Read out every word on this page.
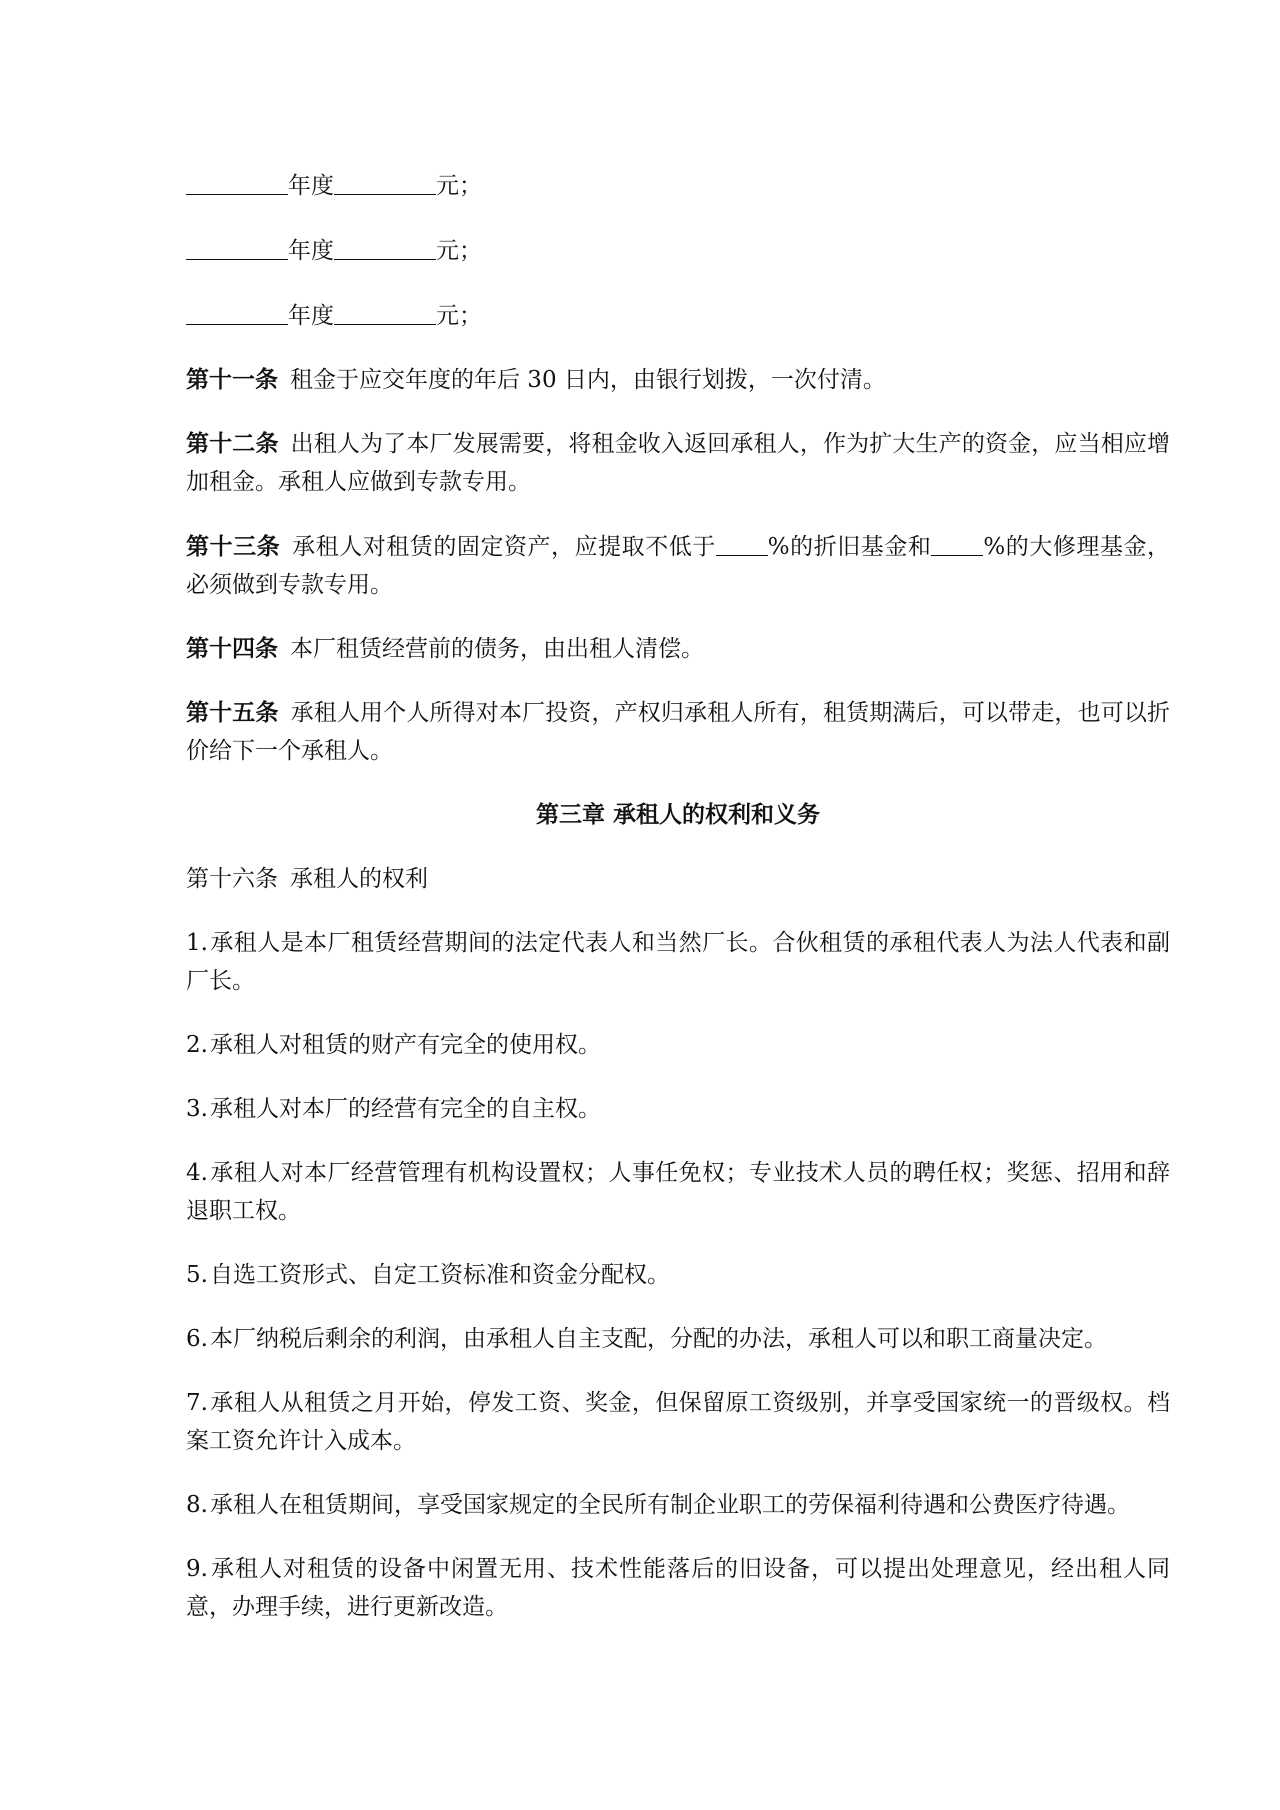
年度	元；

年度	元；

年度	元；

第十一条 租金于应交年度的年后 30 日内，由银行划拨，一次付清。

第十二条 出租人为了本厂发展需要，将租金收入返回承租人，作为扩大生产的资金，应当相应增加租金。承租人应做到专款专用。

第十三条 承租人对租赁的固定资产，应提取不低于 %的折旧基金和 %的大修理基金，必须做到专款专用。

第十四条 本厂租赁经营前的债务，由出租人清偿。

第十五条 承租人用个人所得对本厂投资，产权归承租人所有，租赁期满后，可以带走，也可以折价给下一个承租人。

第三章 承租人的权利和义务

第十六条 承租人的权利

1.承租人是本厂租赁经营期间的法定代表人和当然厂长。合伙租赁的承租代表人为法人代表和副厂长。

2.承租人对租赁的财产有完全的使用权。

3.承租人对本厂的经营有完全的自主权。

4.承租人对本厂经营管理有机构设置权；人事任免权；专业技术人员的聘任权；奖惩、招用和辞退职工权。

5.自选工资形式、自定工资标准和资金分配权。

6.本厂纳税后剩余的利润，由承租人自主支配，分配的办法，承租人可以和职工商量决定。

7.承租人从租赁之月开始，停发工资、奖金，但保留原工资级别，并享受国家统一的晋级权。档案工资允许计入成本。

8.承租人在租赁期间，享受国家规定的全民所有制企业职工的劳保福利待遇和公费医疗待遇。

9.承租人对租赁的设备中闲置无用、技术性能落后的旧设备，可以提出处理意见，经出租人同意，办理手续，进行更新改造。
